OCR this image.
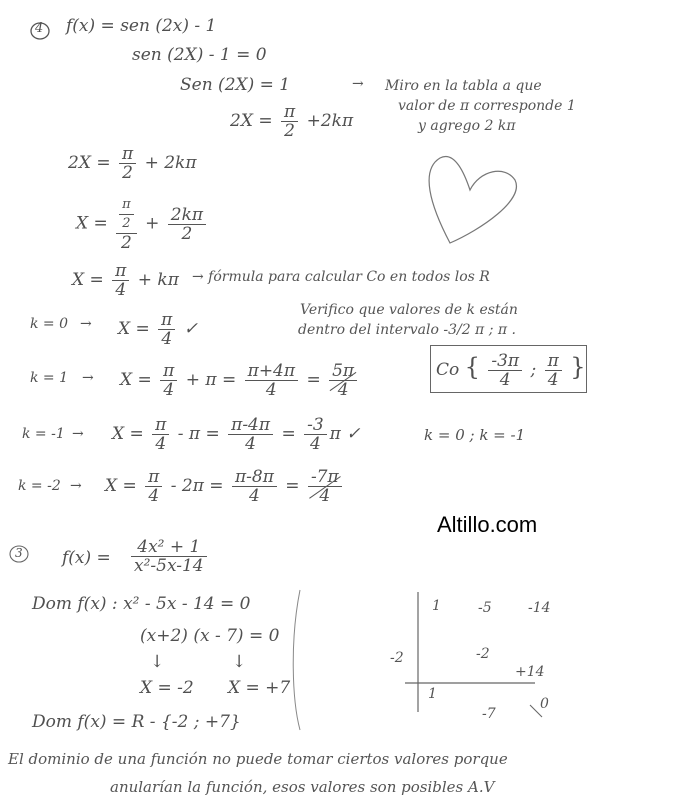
4 f(x) = sen (2x) - 1
sen (2X) - 1 = 0
Sen (2X) = 1
$2X = \frac{\pi}{2} +2k\pi$
→ Miro en la tabla a que
valor de π corresponde 1
y agrego 2 kπ
$2X = \frac{\pi}{2} + 2k\pi$
$X = \frac{\frac{\pi}{2}}{2} + \frac{2k\pi}{2}$
$X = \frac{\pi}{4} + k\pi$ → fórmula para calcular Co en todos los R
Verifico que valores de k están
dentro del intervalo -3/2 π ; π .
$k = 0 \to X = \frac{\pi}{4}$ ✓
$k = 1 \to X = \frac{\pi}{4} + \pi = \frac{\pi+4\pi}{4} = \frac{5\pi}{4}$
$k = -1 \to X = \frac{\pi}{4} - \pi = \frac{\pi-4\pi}{4} = \frac{-3}{4}$ π ✓
$k = -2 \to X = \frac{\pi}{4} - 2\pi = \frac{\pi-8\pi}{4} = \frac{-7\pi}{4}$
Co { $\frac{-3\pi}{4}$ ; $\frac{\pi}{4}$ }
k = 0 ; k = -1
Altillo.com
3 $f(x) = \frac{\text{4x² + 1}}{\text{x²-5x-14}}$
Dom f(x) : x² - 5x - 14 = 0
(x+2) (x - 7) = 0
↓	↓
X = -2 X = +7
Dom f(x) = R - {-2 ; +7}
1	-5	-14
-2	-2
+14
1
-7
0
El dominio de una función no puede tomar ciertos valores porque
anularían la función, esos valores son posibles A.V
